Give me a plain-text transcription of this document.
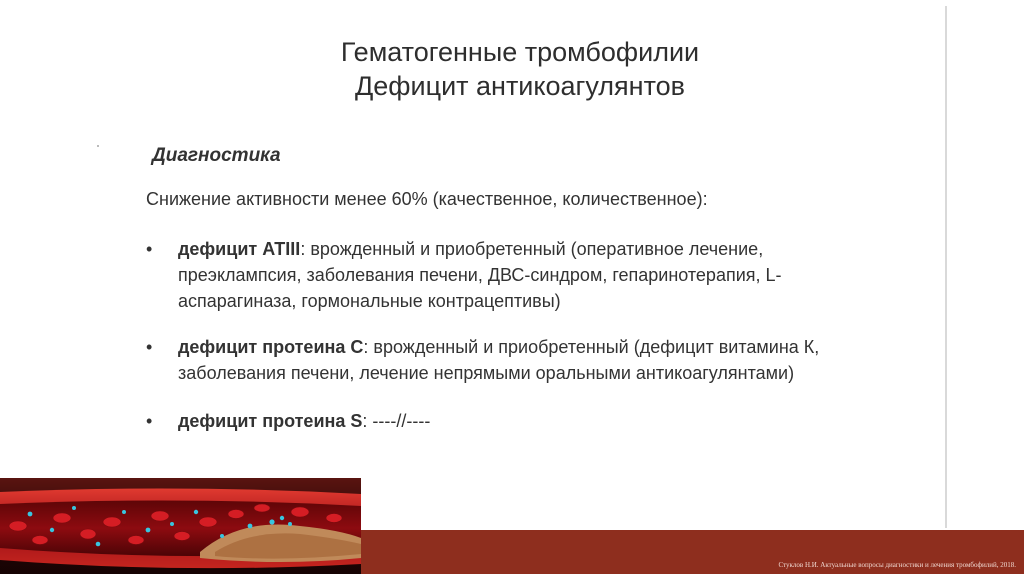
Гематогенные тромбофилии
Дефицит антикоагулянтов
Диагностика
Снижение активности менее 60% (качественное, количественное):
• дефицит АТIII: врожденный и приобретенный (оперативное лечение, преэклампсия, заболевания печени, ДВС-синдром, гепаринотерапия, L-аспарагиназа, гормональные контрацептивы)
• дефицит протеина С: врожденный и приобретенный (дефицит витамина К, заболевания печени, лечение непрямыми оральными антикоагулянтами)
• дефицит протеина S: ----//----
Стуклов Н.И. Актуальные вопросы диагностики и лечения тромбофилий, 2018.
